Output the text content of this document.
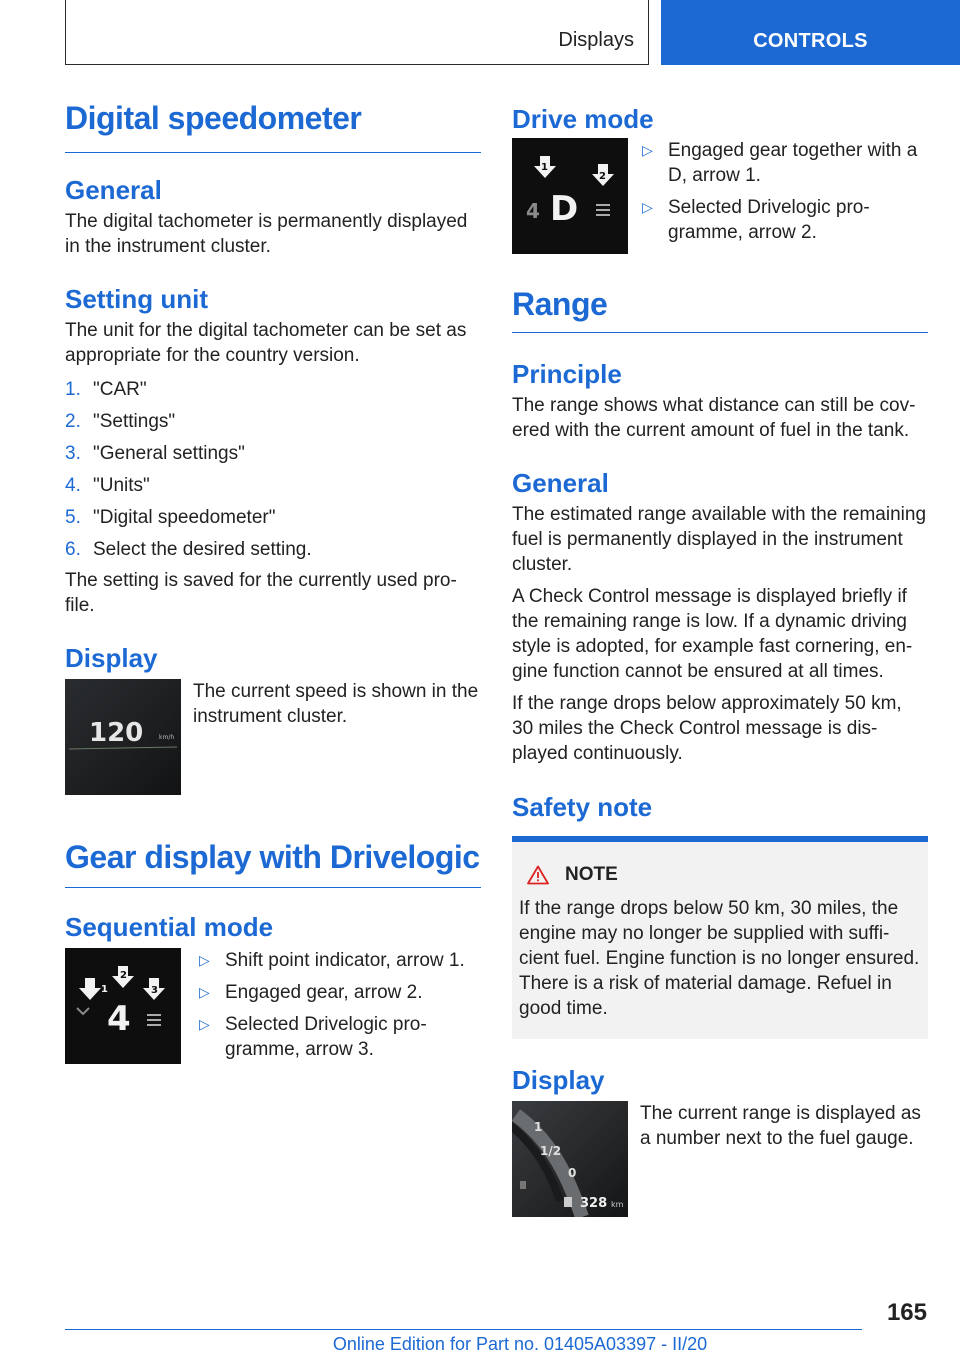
Displays	CONTROLS
Digital speedometer
General

The digital tachometer is permanently displayed in the instrument cluster.

Setting unit

The unit for the digital tachometer can be set as appropriate for the country version.

1. "CAR"
2. "Settings"
3. "General settings"
4. "Units"
5. "Digital speedometer"
6. Select the desired setting.

The setting is saved for the currently used pro‐file.

Display
120	km/h

The current speed is shown in the instrument cluster.

Gear display with Drivelogic
Sequential mode
1
2
3
4
▷ Shift point indicator, arrow 1.
▷ Engaged gear, arrow 2.
▷ Selected Drivelogic pro‐gramme, arrow 3.
Drive mode
1
2
4 D
▷ Engaged gear together with a D, arrow 1.
▷ Selected Drivelogic pro‐gramme, arrow 2.
Range
Principle

The range shows what distance can still be cov‐ered with the current amount of fuel in the tank.

General

The estimated range available with the remaining fuel is permanently displayed in the instrument cluster.

A Check Control message is displayed briefly if the remaining range is low. If a dynamic driving style is adopted, for example fast cornering, en‐gine function cannot be ensured at all times.

If the range drops below approximately 50 km, 30 miles the Check Control message is dis‐played continuously.

Safety note
NOTE

If the range drops below 50 km, 30 miles, the engine may no longer be supplied with suffi‐cient fuel. Engine function is no longer ensured. There is a risk of material damage. Refuel in good time.

Display
1
1/2
0
328 km

The current range is displayed as a number next to the fuel gauge.

165
Online Edition for Part no. 01405A03397 - II/20
